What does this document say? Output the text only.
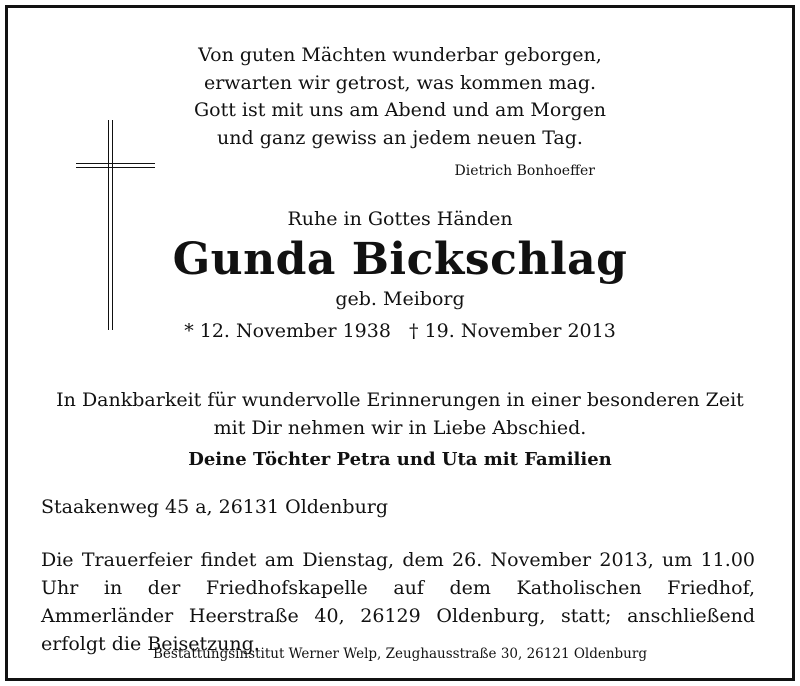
Von guten Mächten wunderbar geborgen,
erwarten wir getrost, was kommen mag.
Gott ist mit uns am Abend und am Morgen
und ganz gewiss an jedem neuen Tag.
Dietrich Bonhoeffer
Ruhe in Gottes Händen
Gunda Bickschlag
geb. Meiborg
* 12. November 1938   † 19. November 2013
In Dankbarkeit für wundervolle Erinnerungen in einer besonderen Zeit
mit Dir nehmen wir in Liebe Abschied.
Deine Töchter Petra und Uta mit Familien
Staakenweg 45 a, 26131 Oldenburg
Die Trauerfeier findet am Dienstag, dem 26. November 2013, um 11.00 Uhr in der Friedhofskapelle auf dem Katholischen Friedhof, Ammerländer Heerstraße 40, 26129 Oldenburg, statt; anschließend erfolgt die Beisetzung.
Bestattungsinstitut Werner Welp, Zeughausstraße 30, 26121 Oldenburg
